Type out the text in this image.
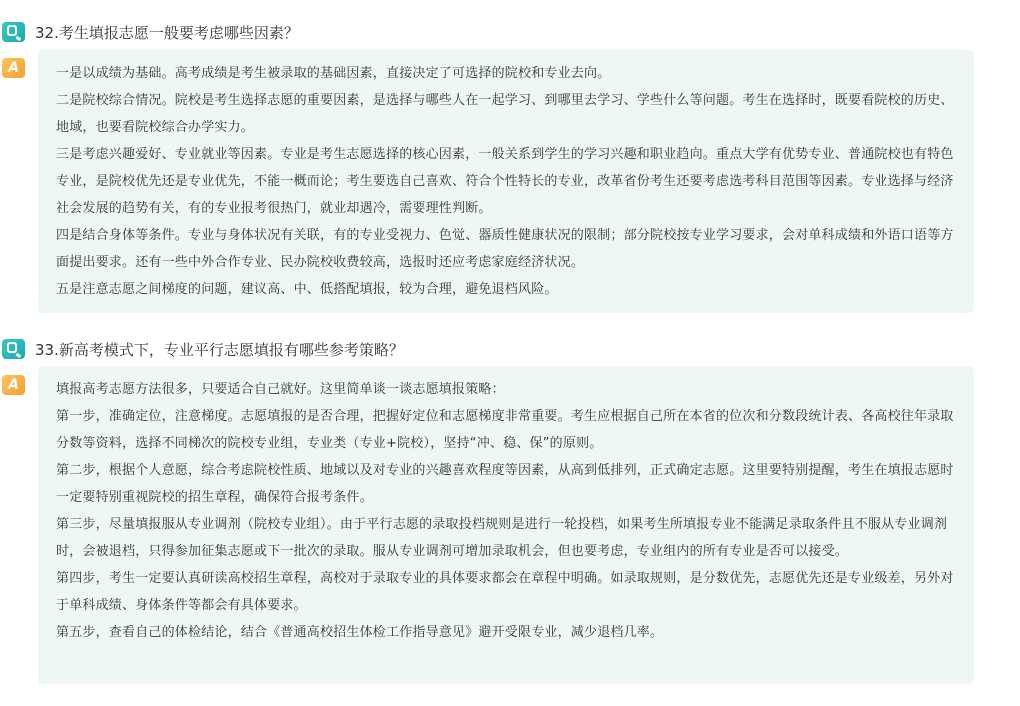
32.考生填报志愿一般要考虑哪些因素？
A	一是以成绩为基础。高考成绩是考生被录取的基础因素，直接决定了可选择的院校和专业去向。

二是院校综合情况。院校是考生选择志愿的重要因素，是选择与哪些人在一起学习、到哪里去学习、学些什么等问题。考生在选择时，既要看院校的历史、地域，也要看院校综合办学实力。

三是考虑兴趣爱好、专业就业等因素。专业是考生志愿选择的核心因素，一般关系到学生的学习兴趣和职业趋向。重点大学有优势专业、普通院校也有特色专业，是院校优先还是专业优先，不能一概而论；考生要选自己喜欢、符合个性特长的专业，改革省份考生还要考虑选考科目范围等因素。专业选择与经济社会发展的趋势有关，有的专业报考很热门，就业却遇冷，需要理性判断。

四是结合身体等条件。专业与身体状况有关联，有的专业受视力、色觉、器质性健康状况的限制；部分院校按专业学习要求，会对单科成绩和外语口语等方面提出要求。还有一些中外合作专业、民办院校收费较高，选报时还应考虑家庭经济状况。

五是注意志愿之间梯度的问题，建议高、中、低搭配填报，较为合理，避免退档风险。

33.新高考模式下，专业平行志愿填报有哪些参考策略？
A	填报高考志愿方法很多，只要适合自己就好。这里简单谈一谈志愿填报策略：

第一步，准确定位，注意梯度。志愿填报的是否合理，把握好定位和志愿梯度非常重要。考生应根据自己所在本省的位次和分数段统计表、各高校往年录取分数等资料，选择不同梯次的院校专业组，专业类（专业+院校），坚持“冲、稳、保”的原则。

第二步，根据个人意愿，综合考虑院校性质、地域以及对专业的兴趣喜欢程度等因素，从高到低排列，正式确定志愿。这里要特别提醒，考生在填报志愿时一定要特别重视院校的招生章程，确保符合报考条件。

第三步，尽量填报服从专业调剂（院校专业组）。由于平行志愿的录取投档规则是进行一轮投档，如果考生所填报专业不能满足录取条件且不服从专业调剂时，会被退档，只得参加征集志愿或下一批次的录取。服从专业调剂可增加录取机会，但也要考虑，专业组内的所有专业是否可以接受。

第四步，考生一定要认真研读高校招生章程，高校对于录取专业的具体要求都会在章程中明确。如录取规则，是分数优先，志愿优先还是专业级差，另外对于单科成绩、身体条件等都会有具体要求。

第五步，查看自己的体检结论，结合《普通高校招生体检工作指导意见》避开受限专业，减少退档几率。
